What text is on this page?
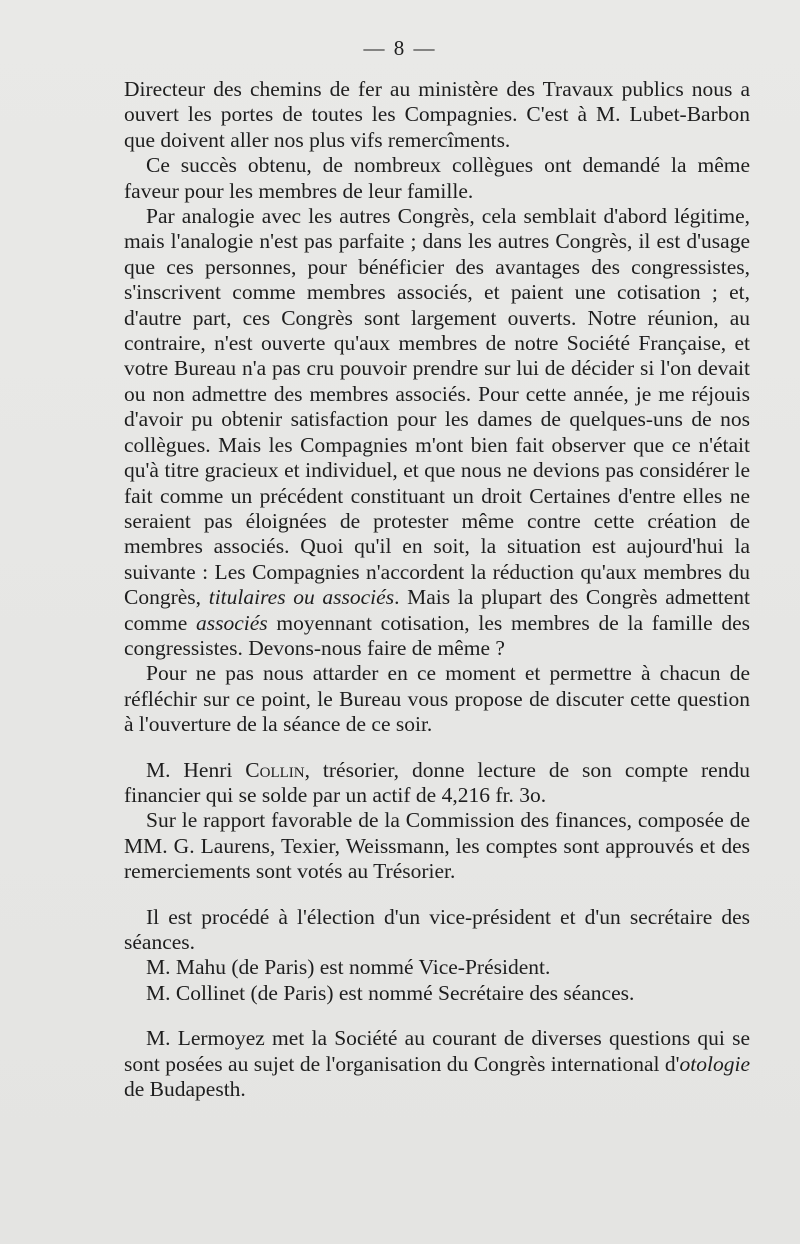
— 8 —

Directeur des chemins de fer au ministère des Travaux publics nous a ouvert les portes de toutes les Compagnies. C'est à M. Lubet-Barbon que doivent aller nos plus vifs remercîments.

Ce succès obtenu, de nombreux collègues ont demandé la même faveur pour les membres de leur famille.

Par analogie avec les autres Congrès, cela semblait d'abord légitime, mais l'analogie n'est pas parfaite ; dans les autres Congrès, il est d'usage que ces personnes, pour bénéficier des avantages des congressistes, s'inscrivent comme membres associés, et paient une cotisation ; et, d'autre part, ces Congrès sont largement ouverts. Notre réunion, au contraire, n'est ouverte qu'aux membres de notre Société Française, et votre Bureau n'a pas cru pouvoir prendre sur lui de décider si l'on devait ou non admettre des membres associés. Pour cette année, je me réjouis d'avoir pu obtenir satisfaction pour les dames de quelques-uns de nos collègues. Mais les Compagnies m'ont bien fait observer que ce n'était qu'à titre gracieux et individuel, et que nous ne devions pas considérer le fait comme un précédent constituant un droit Certaines d'entre elles ne seraient pas éloignées de protester même contre cette création de membres associés. Quoi qu'il en soit, la situation est aujourd'hui la suivante : Les Compagnies n'accordent la réduction qu'aux membres du Congrès, titulaires ou associés. Mais la plupart des Congrès admettent comme associés moyennant cotisation, les membres de la famille des congressistes. Devons-nous faire de même ?

Pour ne pas nous attarder en ce moment et permettre à chacun de réfléchir sur ce point, le Bureau vous propose de discuter cette question à l'ouverture de la séance de ce soir.

M. Henri Collin, trésorier, donne lecture de son compte rendu financier qui se solde par un actif de 4,216 fr. 3o.

Sur le rapport favorable de la Commission des finances, composée de MM. G. Laurens, Texier, Weissmann, les comptes sont approuvés et des remerciements sont votés au Trésorier.

Il est procédé à l'élection d'un vice-président et d'un secrétaire des séances.

M. Mahu (de Paris) est nommé Vice-Président.

M. Collinet (de Paris) est nommé Secrétaire des séances.

M. Lermoyez met la Société au courant de diverses questions qui se sont posées au sujet de l'organisation du Congrès international d'otologie de Budapesth.
